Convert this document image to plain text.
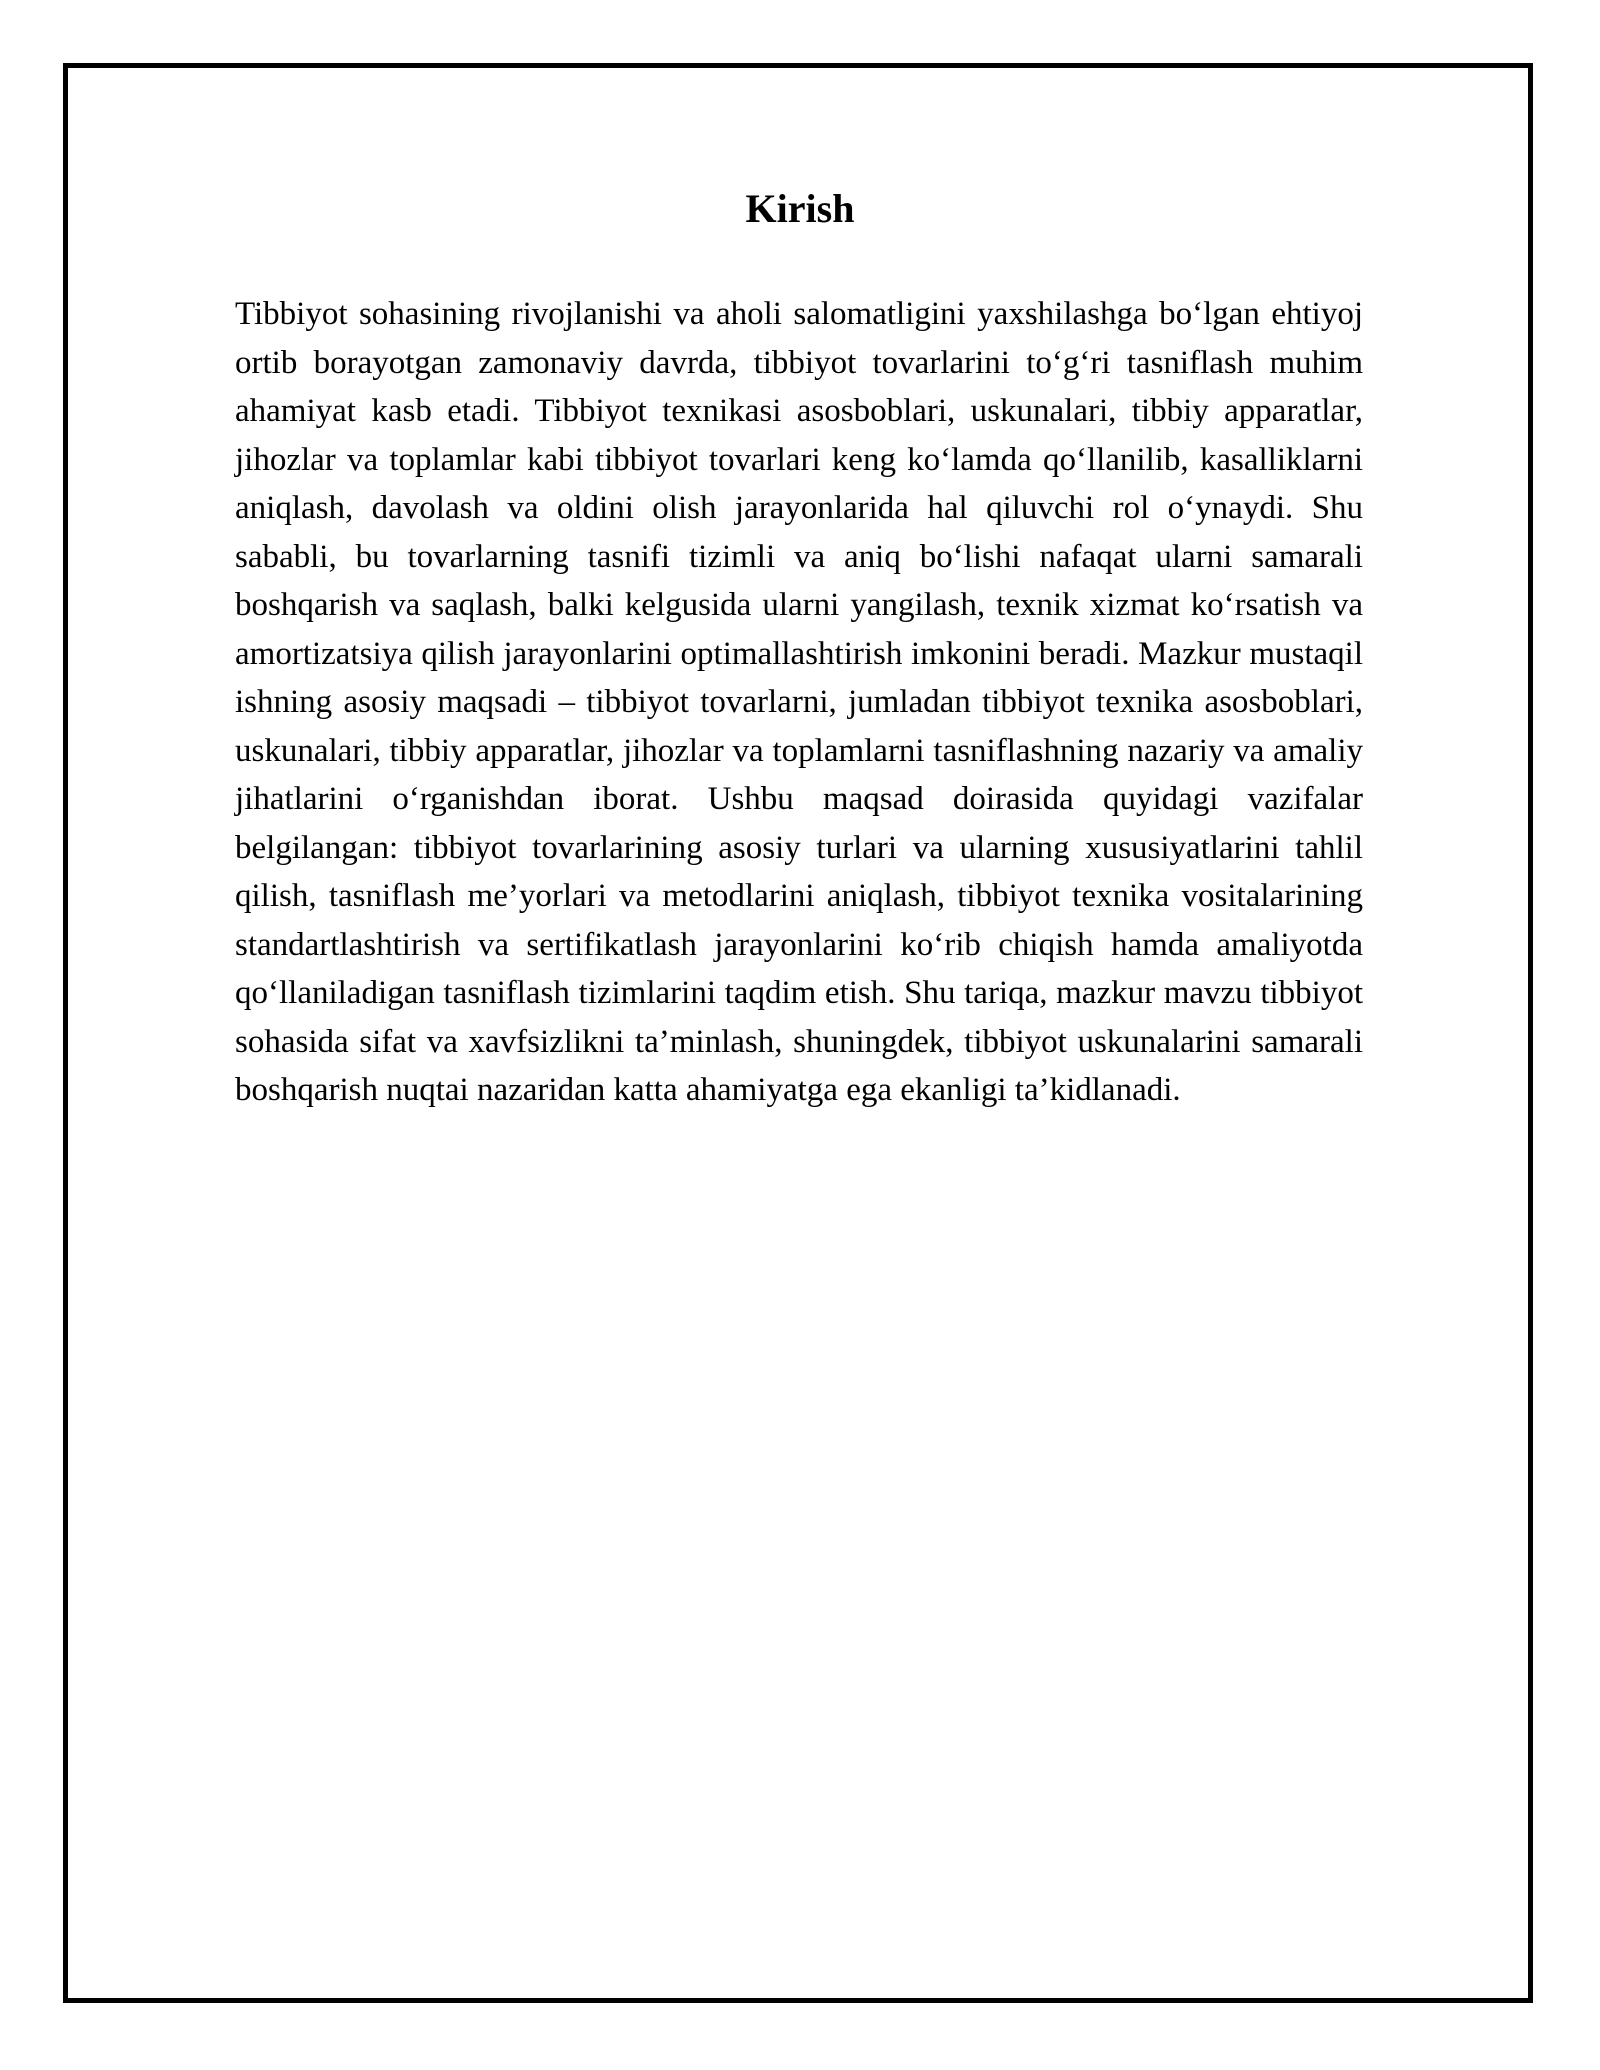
Kirish

Tibbiyot sohasining rivojlanishi va aholi salomatligini yaxshilashga bo‘lgan ehtiyoj ortib borayotgan zamonaviy davrda, tibbiyot tovarlarini to‘g‘ri tasniflash muhim ahamiyat kasb etadi. Tibbiyot texnikasi asosboblari, uskunalari, tibbiy apparatlar, jihozlar va toplamlar kabi tibbiyot tovarlari keng ko‘lamda qo‘llanilib, kasalliklarni aniqlash, davolash va oldini olish jarayonlarida hal qiluvchi rol o‘ynaydi. Shu sababli, bu tovarlarning tasnifi tizimli va aniq bo‘lishi nafaqat ularni samarali boshqarish va saqlash, balki kelgusida ularni yangilash, texnik xizmat ko‘rsatish va amortizatsiya qilish jarayonlarini optimallashtirish imkonini beradi. Mazkur mustaqil ishning asosiy maqsadi – tibbiyot tovarlarni, jumladan tibbiyot texnika asosboblari, uskunalari, tibbiy apparatlar, jihozlar va toplamlarni tasniflashning nazariy va amaliy jihatlarini o‘rganishdan iborat. Ushbu maqsad doirasida quyidagi vazifalar belgilangan: tibbiyot tovarlarining asosiy turlari va ularning xususiyatlarini tahlil qilish, tasniflash me’yorlari va metodlarini aniqlash, tibbiyot texnika vositalarining standartlashtirish va sertifikatlash jarayonlarini ko‘rib chiqish hamda amaliyotda qo‘llaniladigan tasniflash tizimlarini taqdim etish. Shu tariqa, mazkur mavzu tibbiyot sohasida sifat va xavfsizlikni ta’minlash, shuningdek, tibbiyot uskunalarini samarali boshqarish nuqtai nazaridan katta ahamiyatga ega ekanligi ta’kidlanadi.
